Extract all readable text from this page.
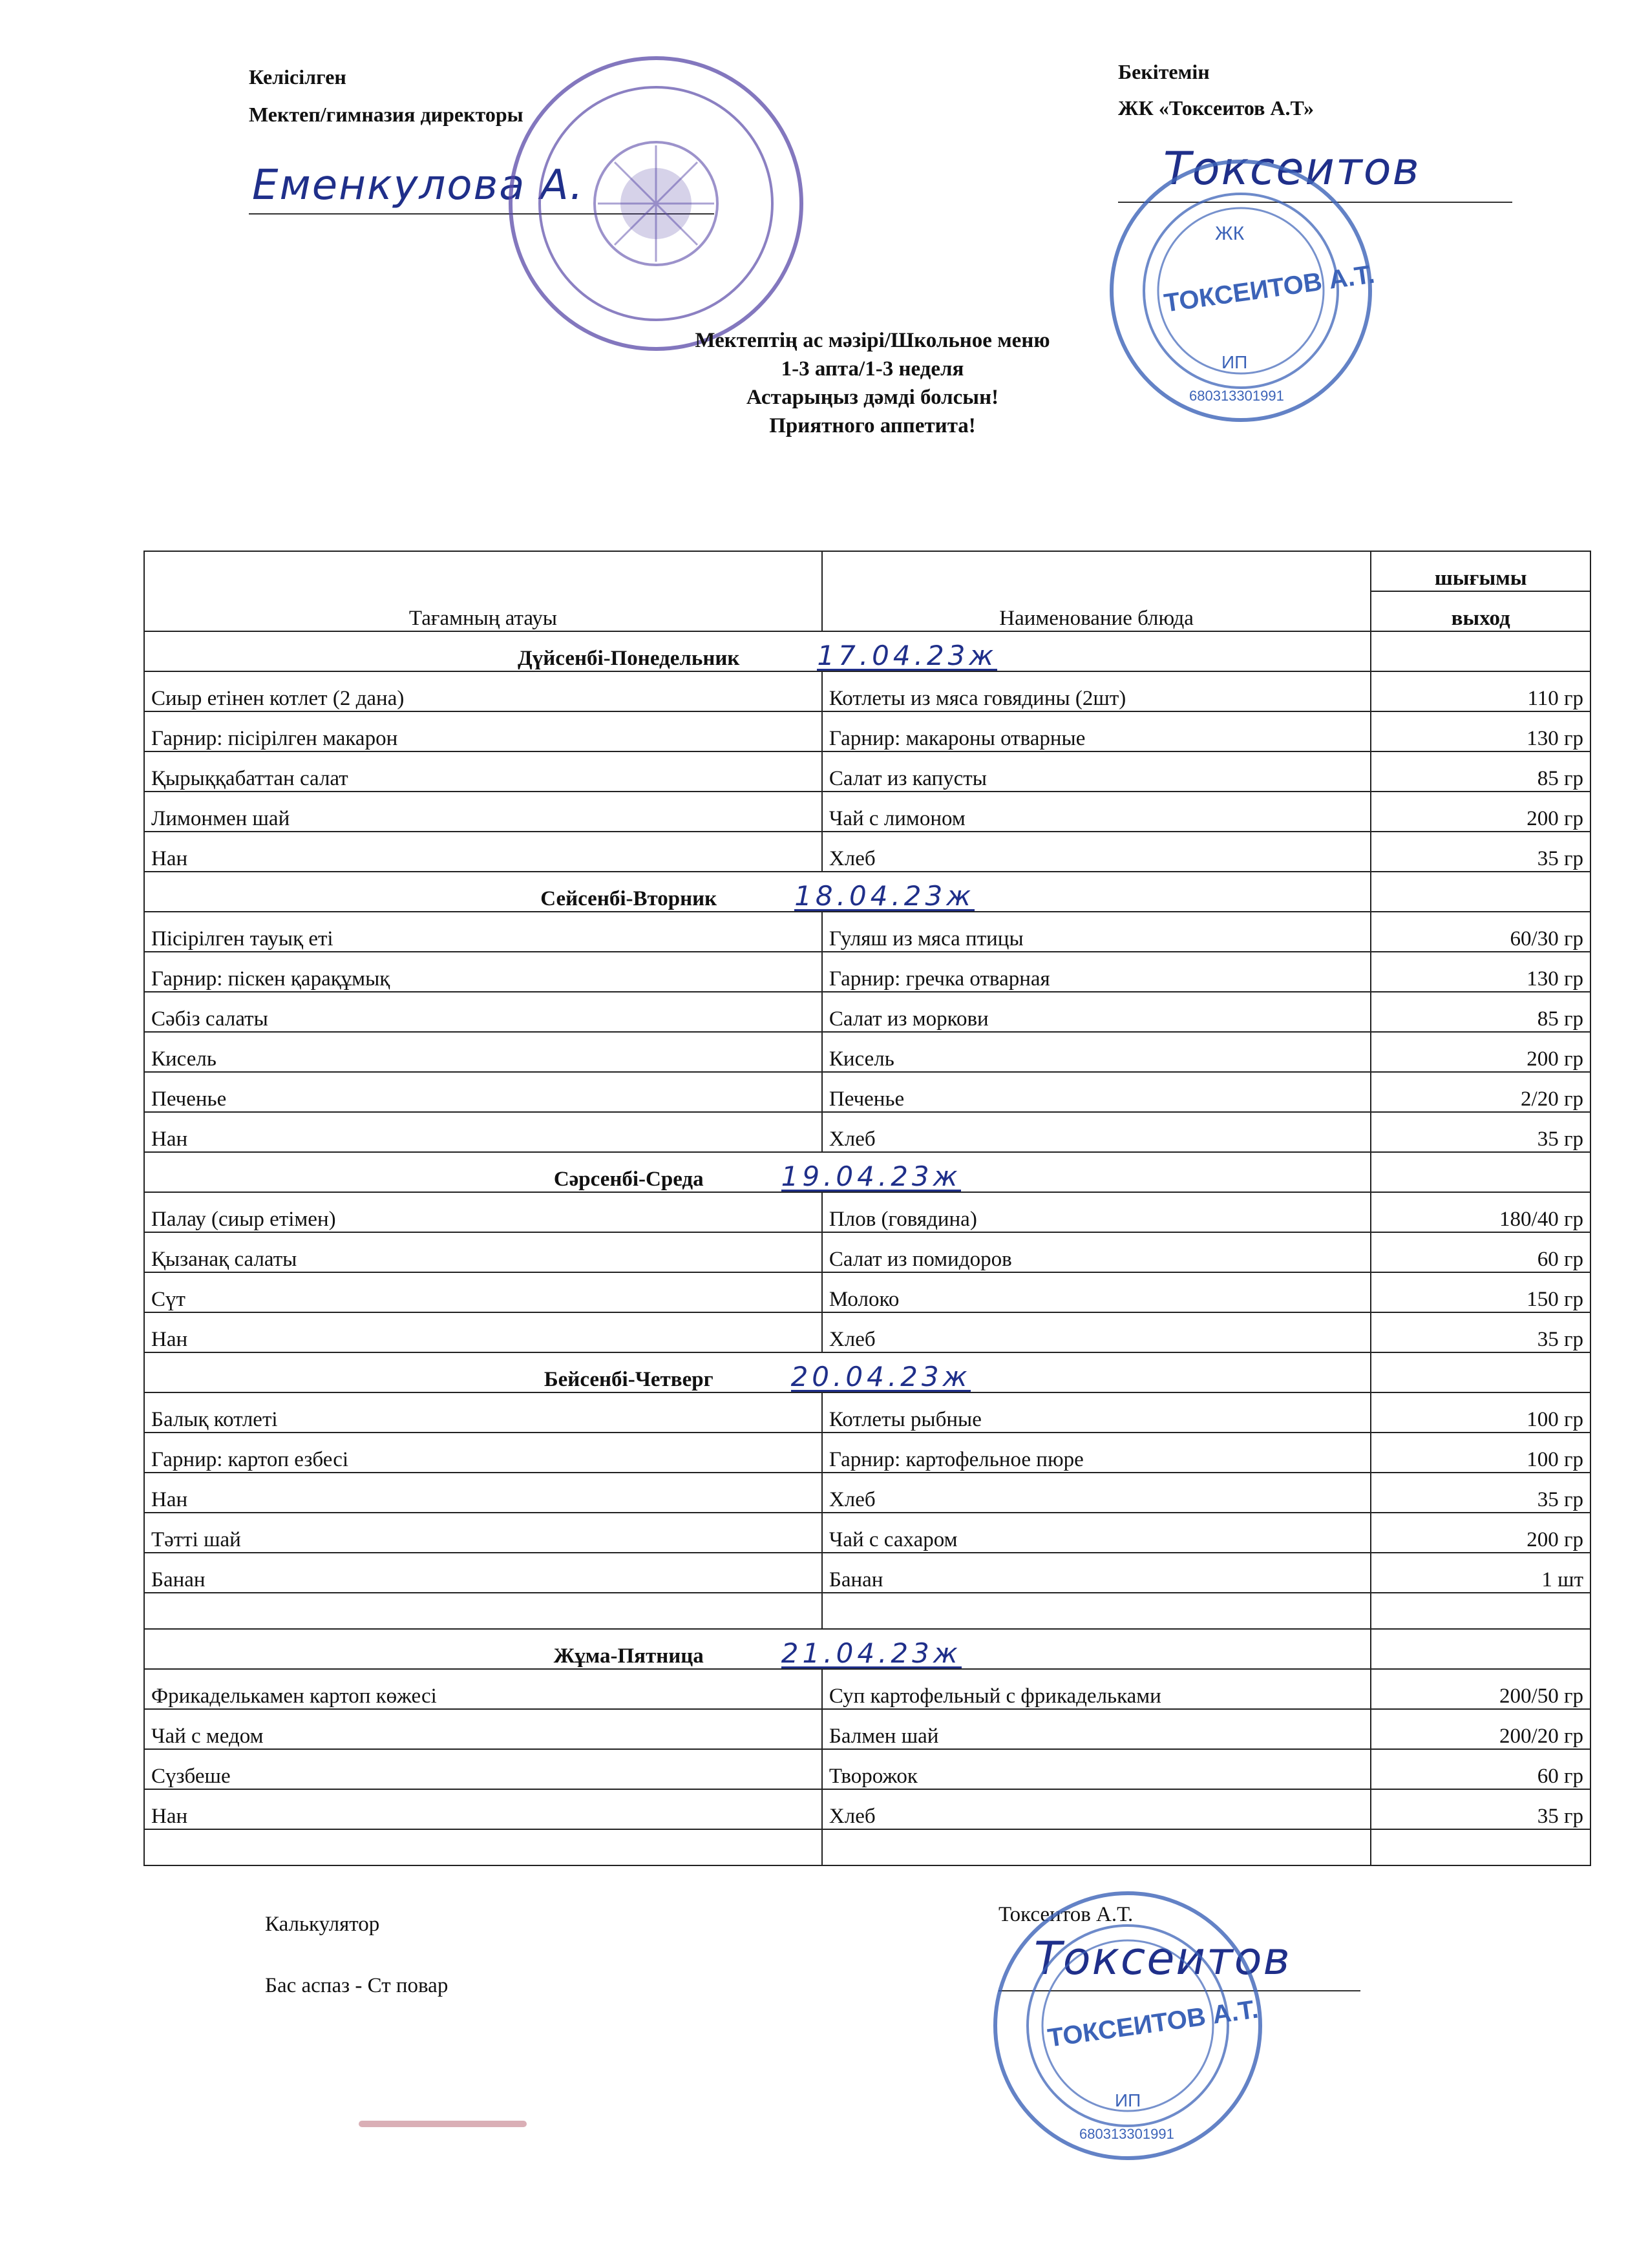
Келісілген
Мектеп/гимназия директоры
Еменкулова А.
Бекітемін
ЖК «Токсеитов А.Т»
Токсеитов
ЖК
ТОКСЕИТОВ А.Т.
ИП
680313301991
Мектептің ас мәзірі/Школьное меню
1-3 апта/1-3 неделя
Астарыңыз дәмді болсын!
Приятного аппетита!
Тағамның атауы	Наименование блюда	шығымы
		выход
Дүйсенбі-Понедельник 17.04.23ж		
Сиыр етінен котлет (2 дана)	Котлеты из мяса говядины (2шт)	110 гр
Гарнир: пісірілген макарон	Гарнир: макароны отварные	130 гр
Қырыққабаттан салат	Салат из капусты	85 гр
Лимонмен шай	Чай с лимоном	200 гр
Нан	Хлеб	35 гр
Сейсенбі-Вторник 18.04.23ж		
Пісірілген тауық еті	Гуляш из мяса птицы	60/30 гр
Гарнир: піскен қарақұмық	Гарнир: гречка отварная	130 гр
Сәбіз салаты	Салат из моркови	85 гр
Кисель	Кисель	200 гр
Печенье	Печенье	2/20 гр
Нан	Хлеб	35 гр
Сәрсенбі-Среда 19.04.23ж		
Палау (сиыр етімен)	Плов (говядина)	180/40 гр
Қызанақ салаты	Салат из помидоров	60 гр
Сүт	Молоко	150 гр
Нан	Хлеб	35 гр
Бейсенбі-Четверг 20.04.23ж		
Балық котлеті	Котлеты рыбные	100 гр
Гарнир: картоп езбесі	Гарнир: картофельное пюре	100 гр
Нан	Хлеб	35 гр
Тәтті шай	Чай с сахаром	200 гр
Банан	Банан	1 шт

Жұма-Пятница 21.04.23ж		
Фрикаделькамен картоп көжесі	Суп картофельный с фрикадельками	200/50 гр
Чай с медом	Балмен шай	200/20 гр
Сүзбеше	Творожок	60 гр
Нан	Хлеб	35 гр

Калькулятор
Бас аспаз - Ст повар
Токсеитов А.Т.
Токсеитов
ТОКСЕИТОВ А.Т.
ИП
680313301991
